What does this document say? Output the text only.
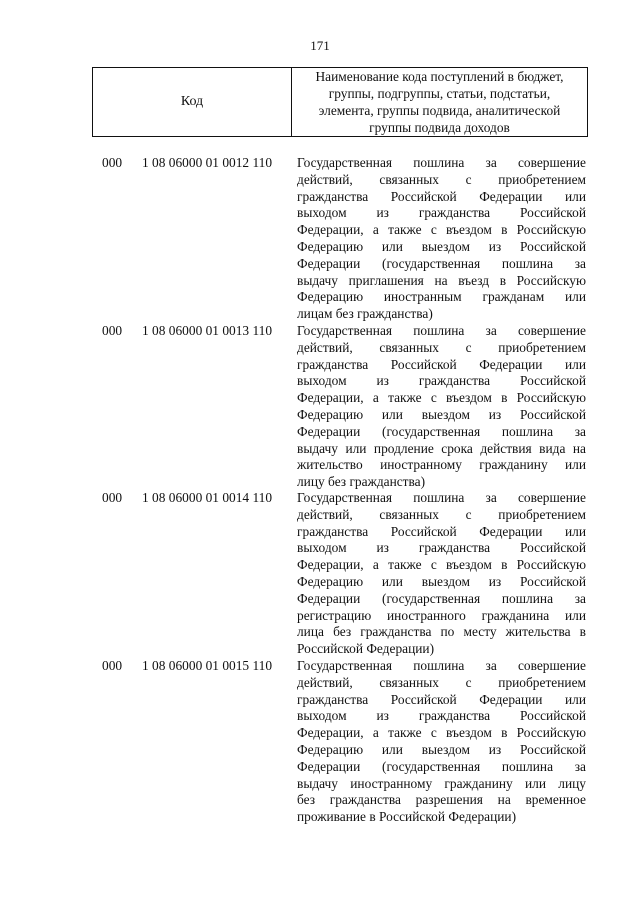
171
Код
Наименование кода поступлений в бюджет,
группы, подгруппы, статьи, подстатьи,
элемента, группы подвида, аналитической
группы подвида доходов
000 1 08 06000 01 0012 110 Государственная пошлина за совершение
действий, связанных с приобретением
гражданства Российской Федерации или
выходом из гражданства Российской
Федерации, а также с въездом в Российскую
Федерацию или выездом из Российской
Федерации (государственная пошлина за
выдачу приглашения на въезд в Российскую
Федерацию иностранным гражданам или
лицам без гражданства)
000 1 08 06000 01 0013 110 Государственная пошлина за совершение
действий, связанных с приобретением
гражданства Российской Федерации или
выходом из гражданства Российской
Федерации, а также с въездом в Российскую
Федерацию или выездом из Российской
Федерации (государственная пошлина за
выдачу или продление срока действия вида на
жительство иностранному гражданину или
лицу без гражданства)
000 1 08 06000 01 0014 110 Государственная пошлина за совершение
действий, связанных с приобретением
гражданства Российской Федерации или
выходом из гражданства Российской
Федерации, а также с въездом в Российскую
Федерацию или выездом из Российской
Федерации (государственная пошлина за
регистрацию иностранного гражданина или
лица без гражданства по месту жительства в
Российской Федерации)
000 1 08 06000 01 0015 110 Государственная пошлина за совершение
действий, связанных с приобретением
гражданства Российской Федерации или
выходом из гражданства Российской
Федерации, а также с въездом в Российскую
Федерацию или выездом из Российской
Федерации (государственная пошлина за
выдачу иностранному гражданину или лицу
без гражданства разрешения на временное
проживание в Российской Федерации)
